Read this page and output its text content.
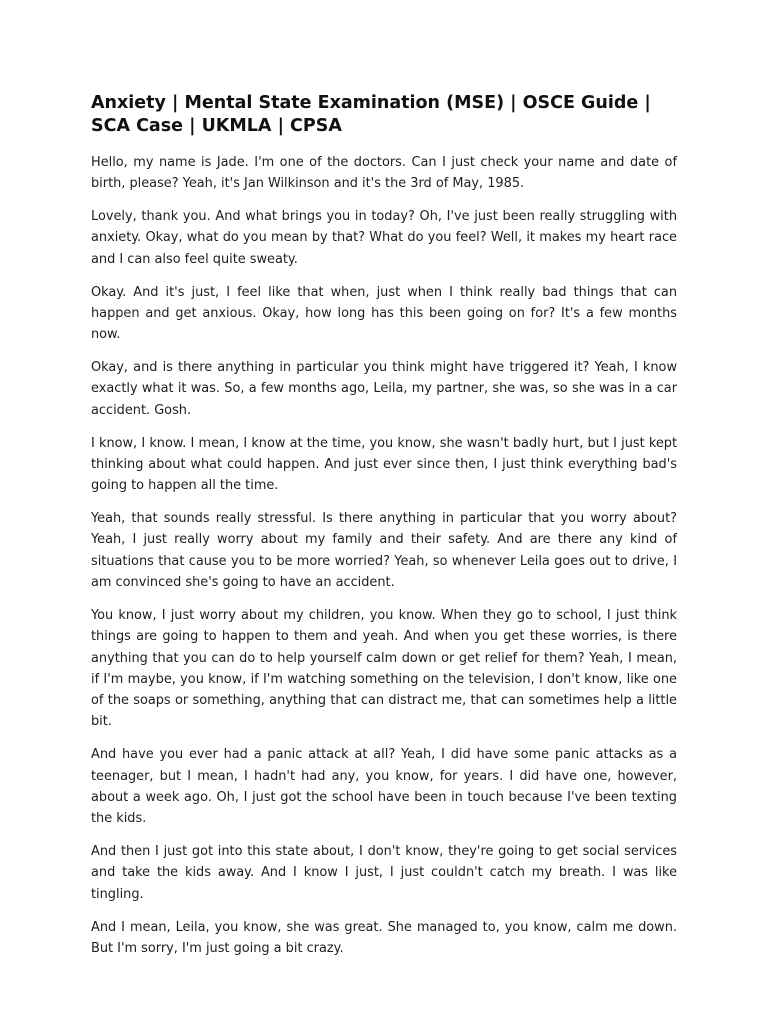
Anxiety | Mental State Examination (MSE) | OSCE Guide | SCA Case | UKMLA | CPSA

Hello, my name is Jade. I'm one of the doctors. Can I just check your name and date of birth, please? Yeah, it's Jan Wilkinson and it's the 3rd of May, 1985.

Lovely, thank you. And what brings you in today? Oh, I've just been really struggling with anxiety. Okay, what do you mean by that? What do you feel? Well, it makes my heart race and I can also feel quite sweaty.

Okay. And it's just, I feel like that when, just when I think really bad things that can happen and get anxious. Okay, how long has this been going on for? It's a few months now.

Okay, and is there anything in particular you think might have triggered it? Yeah, I know exactly what it was. So, a few months ago, Leila, my partner, she was, so she was in a car accident. Gosh.

I know, I know. I mean, I know at the time, you know, she wasn't badly hurt, but I just kept thinking about what could happen. And just ever since then, I just think everything bad's going to happen all the time.

Yeah, that sounds really stressful. Is there anything in particular that you worry about? Yeah, I just really worry about my family and their safety. And are there any kind of situations that cause you to be more worried? Yeah, so whenever Leila goes out to drive, I am convinced she's going to have an accident.

You know, I just worry about my children, you know. When they go to school, I just think things are going to happen to them and yeah. And when you get these worries, is there anything that you can do to help yourself calm down or get relief for them? Yeah, I mean, if I'm maybe, you know, if I'm watching something on the television, I don't know, like one of the soaps or something, anything that can distract me, that can sometimes help a little bit.

And have you ever had a panic attack at all? Yeah, I did have some panic attacks as a teenager, but I mean, I hadn't had any, you know, for years. I did have one, however, about a week ago. Oh, I just got the school have been in touch because I've been texting the kids.

And then I just got into this state about, I don't know, they're going to get social services and take the kids away. And I know I just, I just couldn't catch my breath. I was like tingling.

And I mean, Leila, you know, she was great. She managed to, you know, calm me down. But I'm sorry, I'm just going a bit crazy.
